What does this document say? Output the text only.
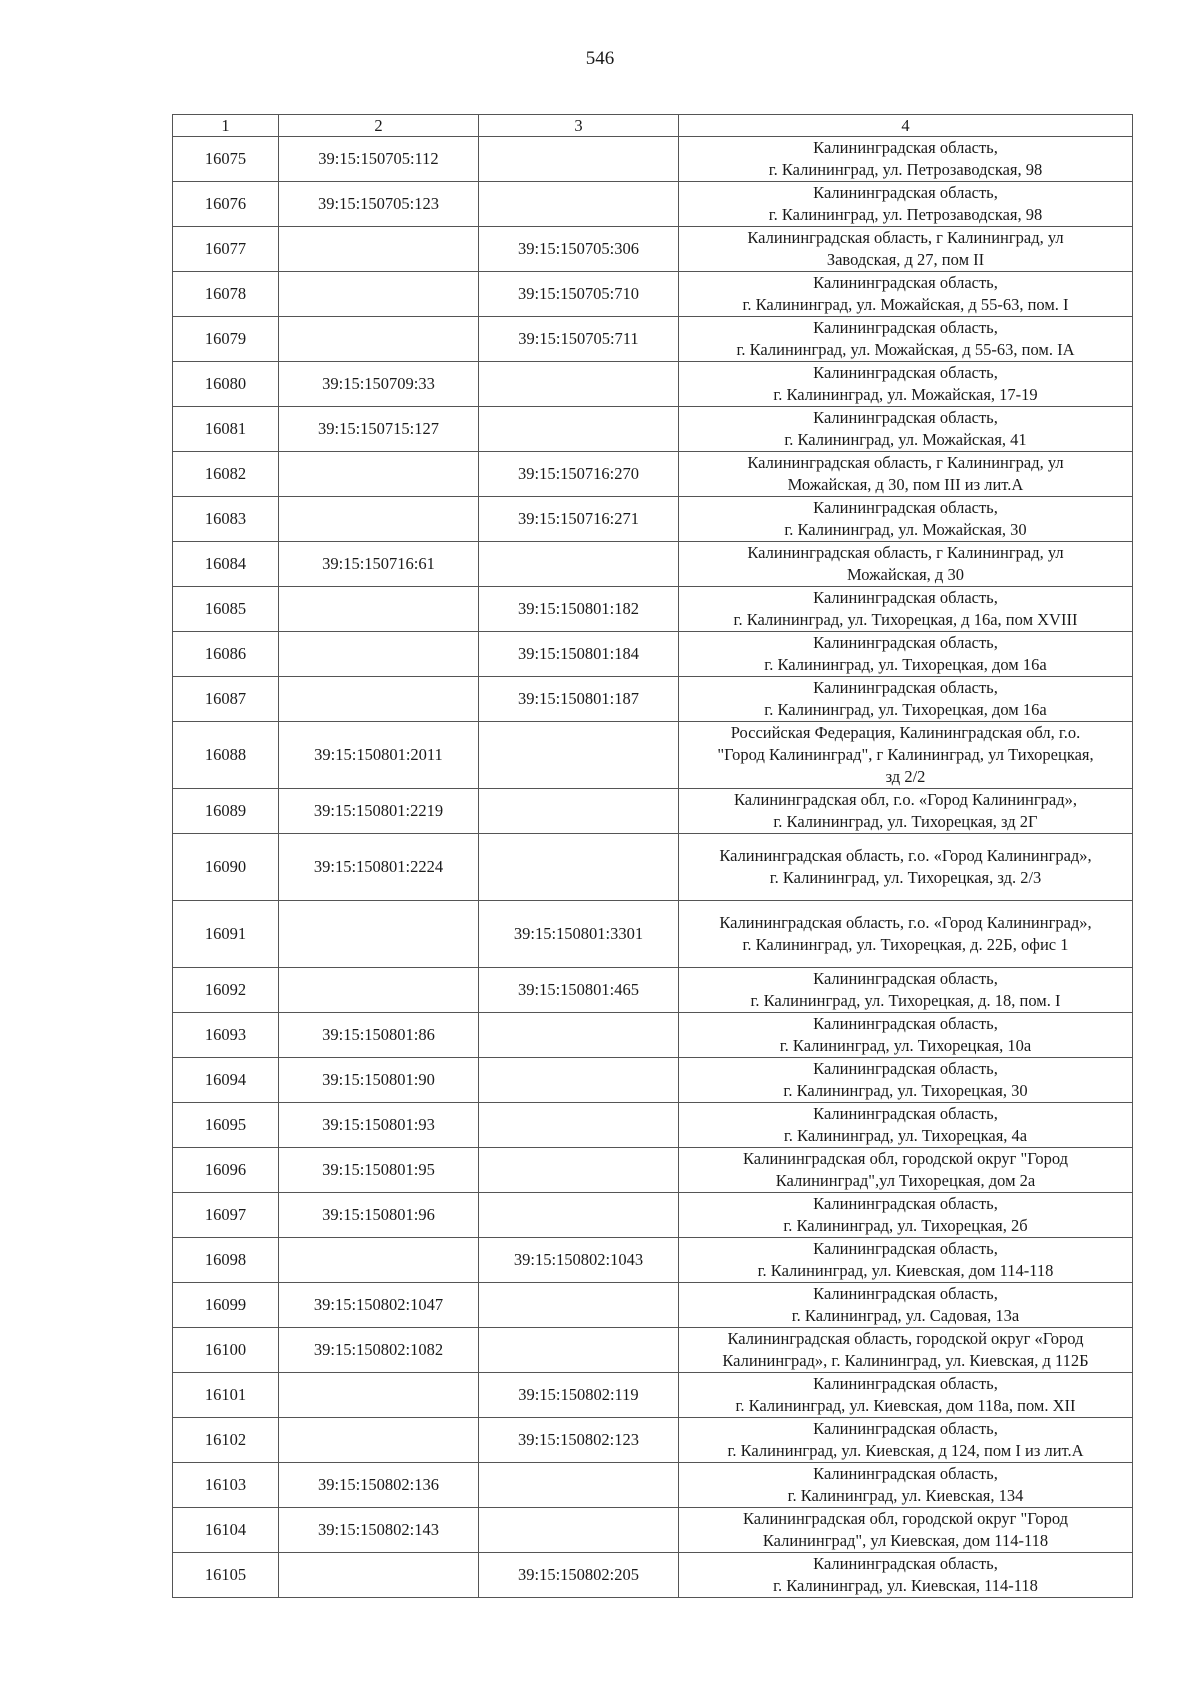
546
1	2	3	4
16075	39:15:150705:112		Калининградская область,
г. Калининград, ул. Петрозаводская, 98

16076	39:15:150705:123		Калининградская область,
г. Калининград, ул. Петрозаводская, 98

16077		39:15:150705:306	Калининградская область, г Калининград, ул
Заводская, д 27, пом II

16078		39:15:150705:710	Калининградская область,
г. Калининград, ул. Можайская, д 55-63, пом. I

16079		39:15:150705:711	Калининградская область,
г. Калининград, ул. Можайская, д 55-63, пом. IA

16080	39:15:150709:33		Калининградская область,
г. Калининград, ул. Можайская, 17-19

16081	39:15:150715:127		Калининградская область,
г. Калининград, ул. Можайская, 41

16082		39:15:150716:270	Калининградская область, г Калининград, ул
Можайская, д 30, пом III из лит.А

16083		39:15:150716:271	Калининградская область,
г. Калининград, ул. Можайская, 30

16084	39:15:150716:61		Калининградская область, г Калининград, ул
Можайская, д 30

16085		39:15:150801:182	Калининградская область,
г. Калининград, ул. Тихорецкая, д 16а, пом XVIII

16086		39:15:150801:184	Калининградская область,
г. Калининград, ул. Тихорецкая, дом 16а

16087		39:15:150801:187	Калининградская область,
г. Калининград, ул. Тихорецкая, дом 16а

16088	39:15:150801:2011		Российская Федерация, Калининградская обл, г.о.
"Город Калининград", г Калининград, ул Тихорецкая,
зд 2/2

16089	39:15:150801:2219		Калининградская обл, г.о. «Город Калининград»,
г. Калининград, ул. Тихорецкая, зд 2Г

16090	39:15:150801:2224		Калининградская область, г.о. «Город Калининград»,
г. Калининград, ул. Тихорецкая, зд. 2/3

16091		39:15:150801:3301	Калининградская область, г.о. «Город Калининград»,
г. Калининград, ул. Тихорецкая, д. 22Б, офис 1

16092		39:15:150801:465	Калининградская область,
г. Калининград, ул. Тихорецкая, д. 18, пом. I

16093	39:15:150801:86		Калининградская область,
г. Калининград, ул. Тихорецкая, 10а

16094	39:15:150801:90		Калининградская область,
г. Калининград, ул. Тихорецкая, 30

16095	39:15:150801:93		Калининградская область,
г. Калининград, ул. Тихорецкая, 4а

16096	39:15:150801:95		Калининградская обл, городской округ "Город
Калининград",ул Тихорецкая, дом 2а

16097	39:15:150801:96		Калининградская область,
г. Калининград, ул. Тихорецкая, 2б

16098		39:15:150802:1043	Калининградская область,
г. Калининград, ул. Киевская, дом 114-118

16099	39:15:150802:1047		Калининградская область,
г. Калининград, ул. Садовая, 13а

16100	39:15:150802:1082		Калининградская область, городской округ «Город
Калининград», г. Калининград, ул. Киевская, д 112Б

16101		39:15:150802:119	Калининградская область,
г. Калининград, ул. Киевская, дом 118а, пом. XII

16102		39:15:150802:123	Калининградская область,
г. Калининград, ул. Киевская, д 124, пом I из лит.А

16103	39:15:150802:136		Калининградская область,
г. Калининград, ул. Киевская, 134

16104	39:15:150802:143		Калининградская обл, городской округ "Город
Калининград", ул Киевская, дом 114-118

16105		39:15:150802:205	Калининградская область,
г. Калининград, ул. Киевская, 114-118
